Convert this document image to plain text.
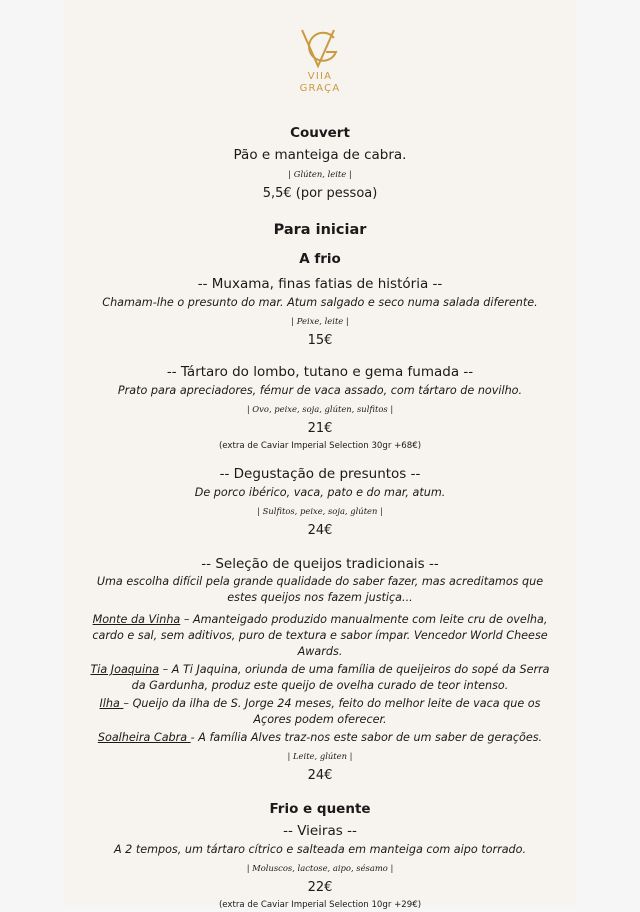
VIIA
GRAÇA
Couvert
Pão e manteiga de cabra.
| Glúten, leite |
5,5€ (por pessoa)
Para iniciar
A frio
-- Muxama, finas fatias de história --
Chamam-lhe o presunto do mar. Atum salgado e seco numa salada diferente.
| Peixe, leite |
15€
-- Tártaro do lombo, tutano e gema fumada --
Prato para apreciadores, fémur de vaca assado, com tártaro de novilho.
| Ovo, peixe, soja, glúten, sulfitos |
21€
(extra de Caviar Imperial Selection 30gr +68€)
-- Degustação de presuntos --
De porco ibérico, vaca, pato e do mar, atum.
| Sulfitos, peixe, soja, glúten |
24€
-- Seleção de queijos tradicionais --
Uma escolha difícil pela grande qualidade do saber fazer, mas acreditamos que estes queijos nos fazem justiça...
Monte da Vinha – Amanteigado produzido manualmente com leite cru de ovelha, cardo e sal, sem aditivos, puro de textura e sabor ímpar. Vencedor World Cheese Awards.
Tia Joaquina – A Ti Jaquina, oriunda de uma família de queijeiros do sopé da Serra da Gardunha, produz este queijo de ovelha curado de teor intenso.
Ilha – Queijo da ilha de S. Jorge 24 meses, feito do melhor leite de vaca que os Açores podem oferecer.
Soalheira Cabra - A família Alves traz-nos este sabor de um saber de gerações.
| Leite, glúten |
24€
Frio e quente
-- Vieiras --
A 2 tempos, um tártaro cítrico e salteada em manteiga com aipo torrado.
| Moluscos, lactose, aipo, sésamo |
22€
(extra de Caviar Imperial Selection 10gr +29€)
